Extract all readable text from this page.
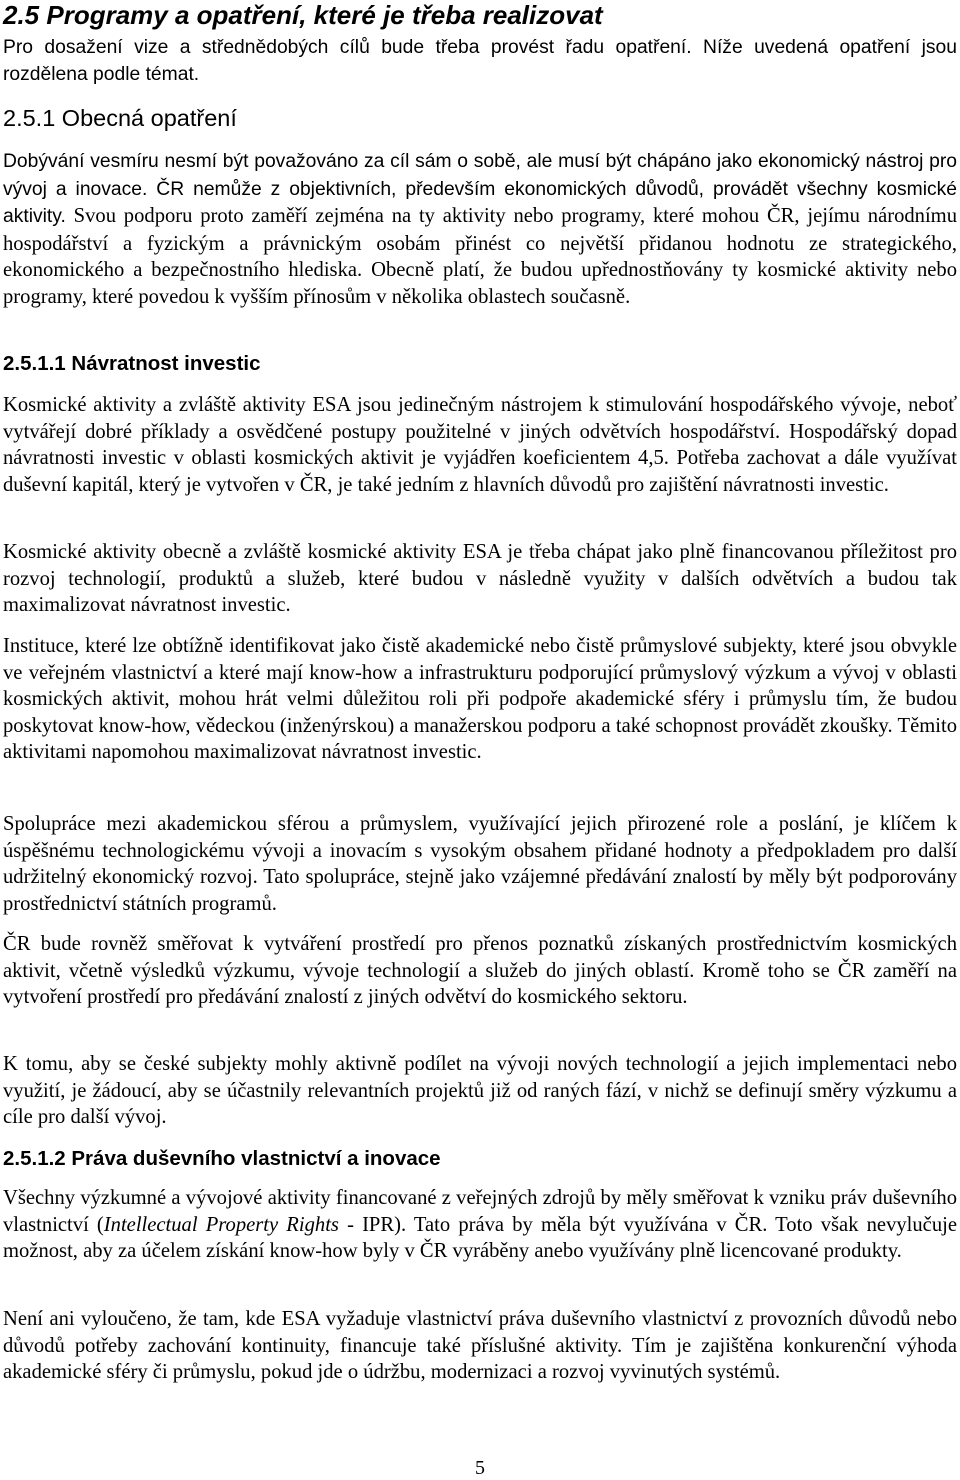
2.5 Programy a opatření, které je třeba realizovat

Pro dosažení vize a střednědobých cílů bude třeba provést řadu opatření. Níže uvedená opatření jsou rozdělena podle témat.

2.5.1 Obecná opatření

Dobývání vesmíru nesmí být považováno za cíl sám o sobě, ale musí být chápáno jako ekonomický nástroj pro vývoj a inovace. ČR nemůže z objektivních, především ekonomických důvodů, provádět všechny kosmické aktivity. Svou podporu proto zaměří zejména na ty aktivity nebo programy, které mohou ČR, jejímu národnímu hospodářství a fyzickým a právnickým osobám přinést co největší přidanou hodnotu ze strategického, ekonomického a bezpečnostního hlediska. Obecně platí, že budou upřednostňovány ty kosmické aktivity nebo programy, které povedou k vyšším přínosům v několika oblastech současně.

2.5.1.1 Návratnost investic

Kosmické aktivity a zvláště aktivity ESA jsou jedinečným nástrojem k stimulování hospodářského vývoje, neboť vytvářejí dobré příklady a osvědčené postupy použitelné v jiných odvětvích hospodářství. Hospodářský dopad návratnosti investic v oblasti kosmických aktivit je vyjádřen koeficientem 4,5. Potřeba zachovat a dále využívat duševní kapitál, který je vytvořen v ČR, je také jedním z hlavních důvodů pro zajištění návratnosti investic.

Kosmické aktivity obecně a zvláště kosmické aktivity ESA je třeba chápat jako plně financovanou příležitost pro rozvoj technologií, produktů a služeb, které budou v následně využity v dalších odvětvích a budou tak maximalizovat návratnost investic.

Instituce, které lze obtížně identifikovat jako čistě akademické nebo čistě průmyslové subjekty, které jsou obvykle ve veřejném vlastnictví a které mají know-how a infrastrukturu podporující průmyslový výzkum a vývoj v oblasti kosmických aktivit, mohou hrát velmi důležitou roli při podpoře akademické sféry i průmyslu tím, že budou poskytovat know-how, vědeckou (inženýrskou) a manažerskou podporu a také schopnost provádět zkoušky. Těmito aktivitami napomohou maximalizovat návratnost investic.

Spolupráce mezi akademickou sférou a průmyslem, využívající jejich přirozené role a poslání, je klíčem k úspěšnému technologickému vývoji a inovacím s vysokým obsahem přidané hodnoty a předpokladem pro další udržitelný ekonomický rozvoj. Tato spolupráce, stejně jako vzájemné předávání znalostí by měly být podporovány prostřednictví státních programů.

ČR bude rovněž směřovat k vytváření prostředí pro přenos poznatků získaných prostřednictvím kosmických aktivit, včetně výsledků výzkumu, vývoje technologií a služeb do jiných oblastí. Kromě toho se ČR zaměří na vytvoření prostředí pro předávání znalostí z jiných odvětví do kosmického sektoru.

K tomu, aby se české subjekty mohly aktivně podílet na vývoji nových technologií a jejich implementaci nebo využití, je žádoucí, aby se účastnily relevantních projektů již od raných fází, v nichž se definují směry výzkumu a cíle pro další vývoj.

2.5.1.2 Práva duševního vlastnictví a inovace

Všechny výzkumné a vývojové aktivity financované z veřejných zdrojů by měly směřovat k vzniku práv duševního vlastnictví (Intellectual Property Rights - IPR). Tato práva by měla být využívána v ČR. Toto však nevylučuje možnost, aby za účelem získání know-how byly v ČR vyráběny anebo využívány plně licencované produkty.

Není ani vyloučeno, že tam, kde ESA vyžaduje vlastnictví práva duševního vlastnictví z provozních důvodů nebo důvodů potřeby zachování kontinuity, financuje také příslušné aktivity. Tím je zajištěna konkurenční výhoda akademické sféry či průmyslu, pokud jde o údržbu, modernizaci a rozvoj vyvinutých systémů.

5
